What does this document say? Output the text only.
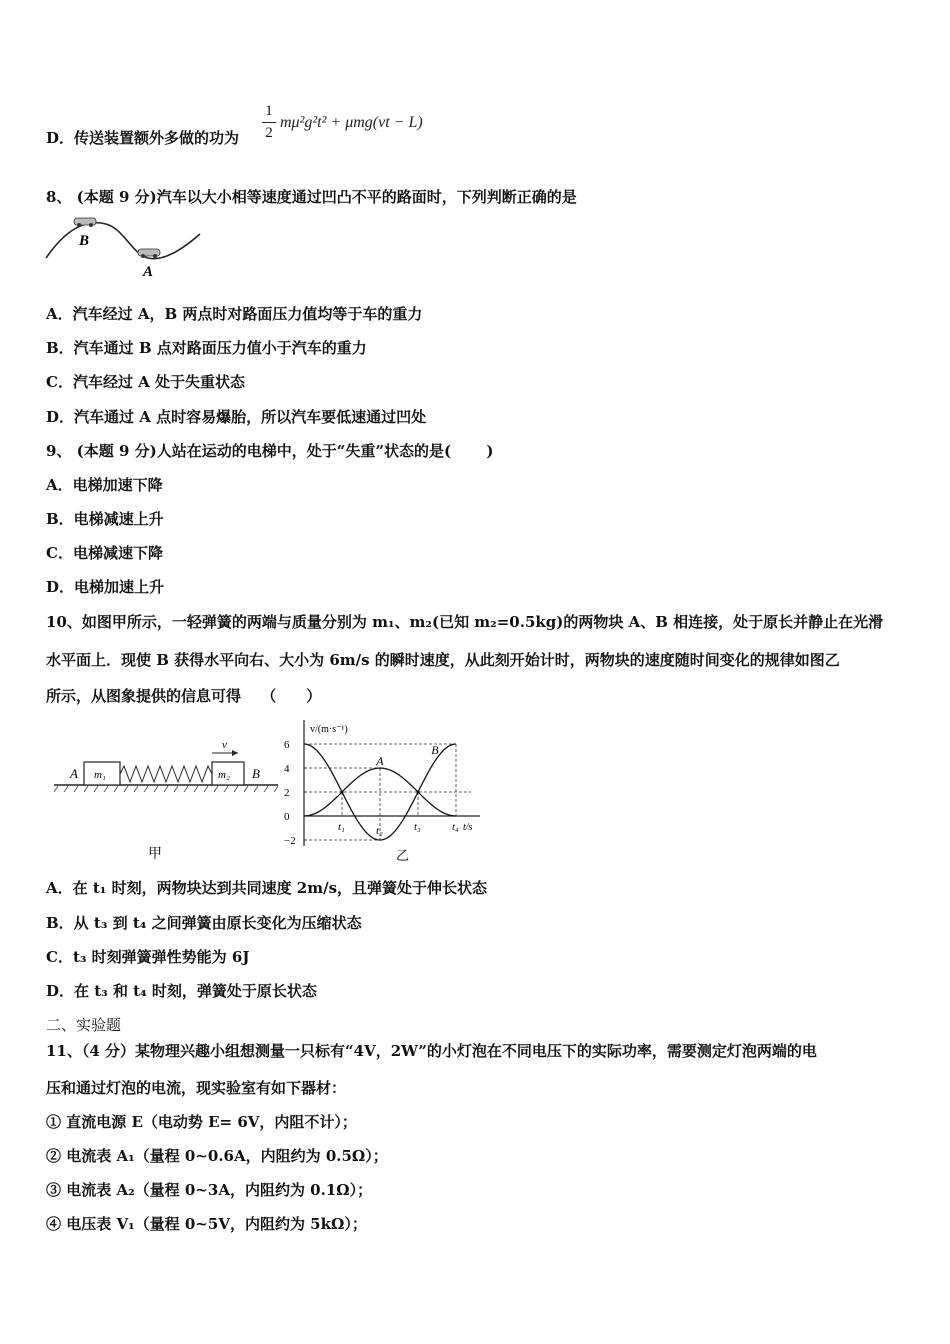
D．传送装置额外多做的功为
1
2
mμ²g²t² + μmg(vt − L)
8、 (本题 9 分)汽车以大小相等速度通过凹凸不平的路面时，下列判断正确的是
B
A
A．汽车经过 A，B 两点时对路面压力值均等于车的重力
B．汽车通过 B 点对路面压力值小于汽车的重力
C．汽车经过 A 处于失重状态
D．汽车通过 A 点时容易爆胎，所以汽车要低速通过凹处
9、 (本题 9 分)人站在运动的电梯中，处于“失重”状态的是(　　 )
A．电梯加速下降
B．电梯减速上升
C．电梯减速下降
D．电梯加速上升
10、如图甲所示，一轻弹簧的两端与质量分别为 m₁、m₂(已知 m₂=0.5kg)的两物块 A、B 相连接，处于原长并静止在光滑
水平面上．现使 B 获得水平向右、大小为 6m/s 的瞬时速度，从此刻开始计时，两物块的速度随时间变化的规律如图乙
所示，从图象提供的信息可得　 （　　）
A	B
m₁	m₂
v
甲
v/(m·s⁻¹)
t/s
乙
6
4
2
0
−2
t₁	t₂	t₃	t₄
A
B
A．在 t₁ 时刻，两物块达到共同速度 2m/s，且弹簧处于伸长状态
B．从 t₃ 到 t₄ 之间弹簧由原长变化为压缩状态
C．t₃ 时刻弹簧弹性势能为 6J
D．在 t₃ 和 t₄ 时刻，弹簧处于原长状态
二、实验题
11、（4 分）某物理兴趣小组想测量一只标有“4V，2W”的小灯泡在不同电压下的实际功率，需要测定灯泡两端的电
压和通过灯泡的电流，现实验室有如下器材：
① 直流电源 E（电动势 E= 6V，内阻不计）；
② 电流表 A₁（量程 0~0.6A，内阻约为 0.5Ω）；
③ 电流表 A₂（量程 0~3A，内阻约为 0.1Ω）；
④ 电压表 V₁（量程 0~5V，内阻约为 5kΩ）；
